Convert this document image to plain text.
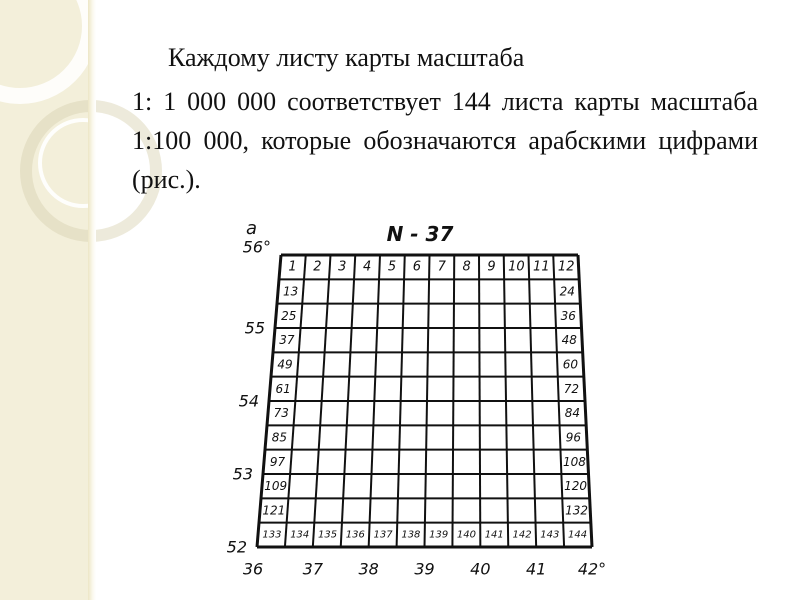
Каждому листу карты масштаба
1: 1 000 000 соответствует 144 листа карты масштаба 1:100 000, которые обозначаются арабскими цифрами (рис.).
1 2 3 4 5 6 7 8 9 10 11 12
13
25
37
49
61
73
85
97
109
121
24
36
48
60
72
84
96
108
120
132
133 134 135 136 137 138 139 140 141 142 143 144
56°
55
54
53
52
36 37 38 39 40 41 42°
а	N - 37
